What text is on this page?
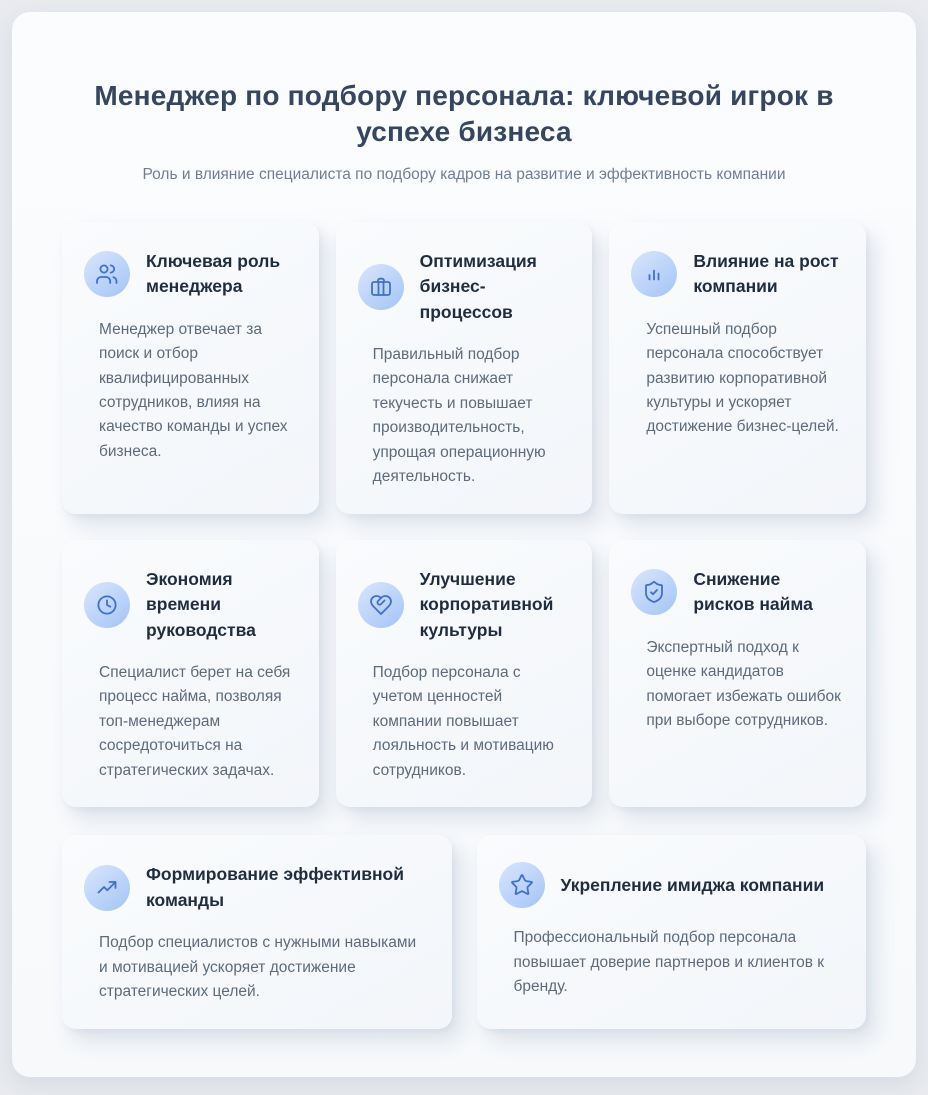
Менеджер по подбору персонала: ключевой игрок в успехе бизнеса

Роль и влияние специалиста по подбору кадров на развитие и эффективность компании

Ключевая роль менеджера

Менеджер отвечает за поиск и отбор квалифицированных сотрудников, влияя на качество команды и успех бизнеса.

Оптимизация бизнес-процессов

Правильный подбор персонала снижает текучесть и повышает производительность, упрощая операционную деятельность.

Влияние на рост компании

Успешный подбор персонала способствует развитию корпоративной культуры и ускоряет достижение бизнес-целей.

Экономия времени руководства

Специалист берет на себя процесс найма, позволяя топ-менеджерам сосредоточиться на стратегических задачах.

Улучшение корпоративной культуры

Подбор персонала с учетом ценностей компании повышает лояльность и мотивацию сотрудников.

Снижение рисков найма

Экспертный подход к оценке кандидатов помогает избежать ошибок при выборе сотрудников.

Формирование эффективной команды

Подбор специалистов с нужными навыками и мотивацией ускоряет достижение стратегических целей.

Укрепление имиджа компании

Профессиональный подбор персонала повышает доверие партнеров и клиентов к бренду.
